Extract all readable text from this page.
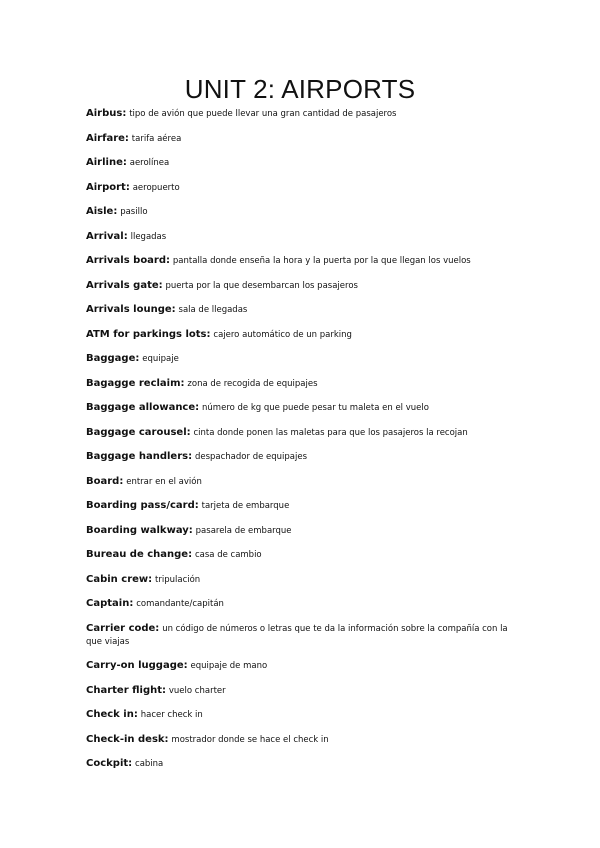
UNIT 2: AIRPORTS
Airbus: tipo de avión que puede llevar una gran cantidad de pasajeros
Airfare: tarifa aérea
Airline: aerolínea
Airport: aeropuerto
Aisle: pasillo
Arrival: llegadas
Arrivals board: pantalla donde enseña la hora y la puerta por la que llegan los vuelos
Arrivals gate: puerta por la que desembarcan los pasajeros
Arrivals lounge: sala de llegadas
ATM for parkings lots: cajero automático de un parking
Baggage: equipaje
Bagagge reclaim: zona de recogida de equipajes
Baggage allowance: número de kg que puede pesar tu maleta en el vuelo
Baggage carousel: cinta donde ponen las maletas para que los pasajeros la recojan
Baggage handlers: despachador de equipajes
Board: entrar en el avión
Boarding pass/card: tarjeta de embarque
Boarding walkway: pasarela de embarque
Bureau de change: casa de cambio
Cabin crew: tripulación
Captain: comandante/capitán
Carrier code: un código de números o letras que te da la información sobre la compañía con la que viajas
Carry-on luggage: equipaje de mano
Charter flight: vuelo charter
Check in: hacer check in
Check-in desk: mostrador donde se hace el check in
Cockpit: cabina
